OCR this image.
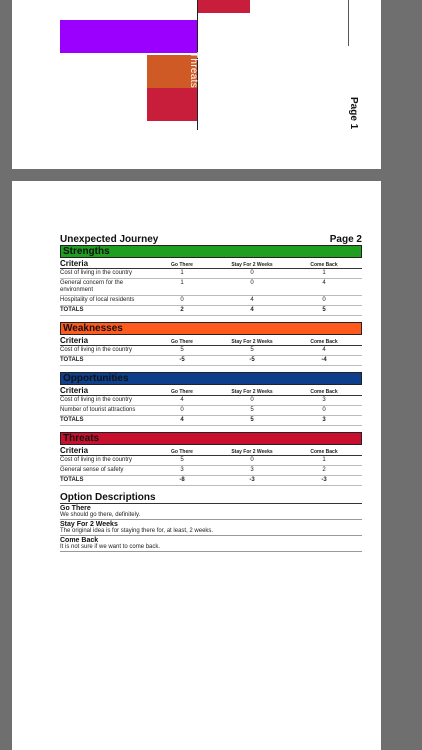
Threats
Page 1
Unexpected Journey	Page 2
Strengths
Criteria	Go There	Stay For 2 Weeks	Come Back
Cost of living in the country	1	0	1
General concern for the environment
1	0	4
Hospitality of local residents	0	4	0
TOTALS	2	4	5
Weaknesses
Criteria	Go There	Stay For 2 Weeks	Come Back
Cost of living in the country	5	5	4
TOTALS	-5	-5	-4
Opportunities
Criteria	Go There	Stay For 2 Weeks	Come Back
Cost of living in the country	4	0	3
Number of tourist attractions	0	5	0
TOTALS	4	5	3
Threats
Criteria	Go There	Stay For 2 Weeks	Come Back
Cost of living in the country	5	0	1
General sense of safety	3	3	2
TOTALS	-8	-3	-3
Option Descriptions
Go There
We should go there, definitely.
Stay For 2 Weeks
The original idea is for staying there for, at least, 2 weeks.
Come Back
It is not sure if we want to come back.
